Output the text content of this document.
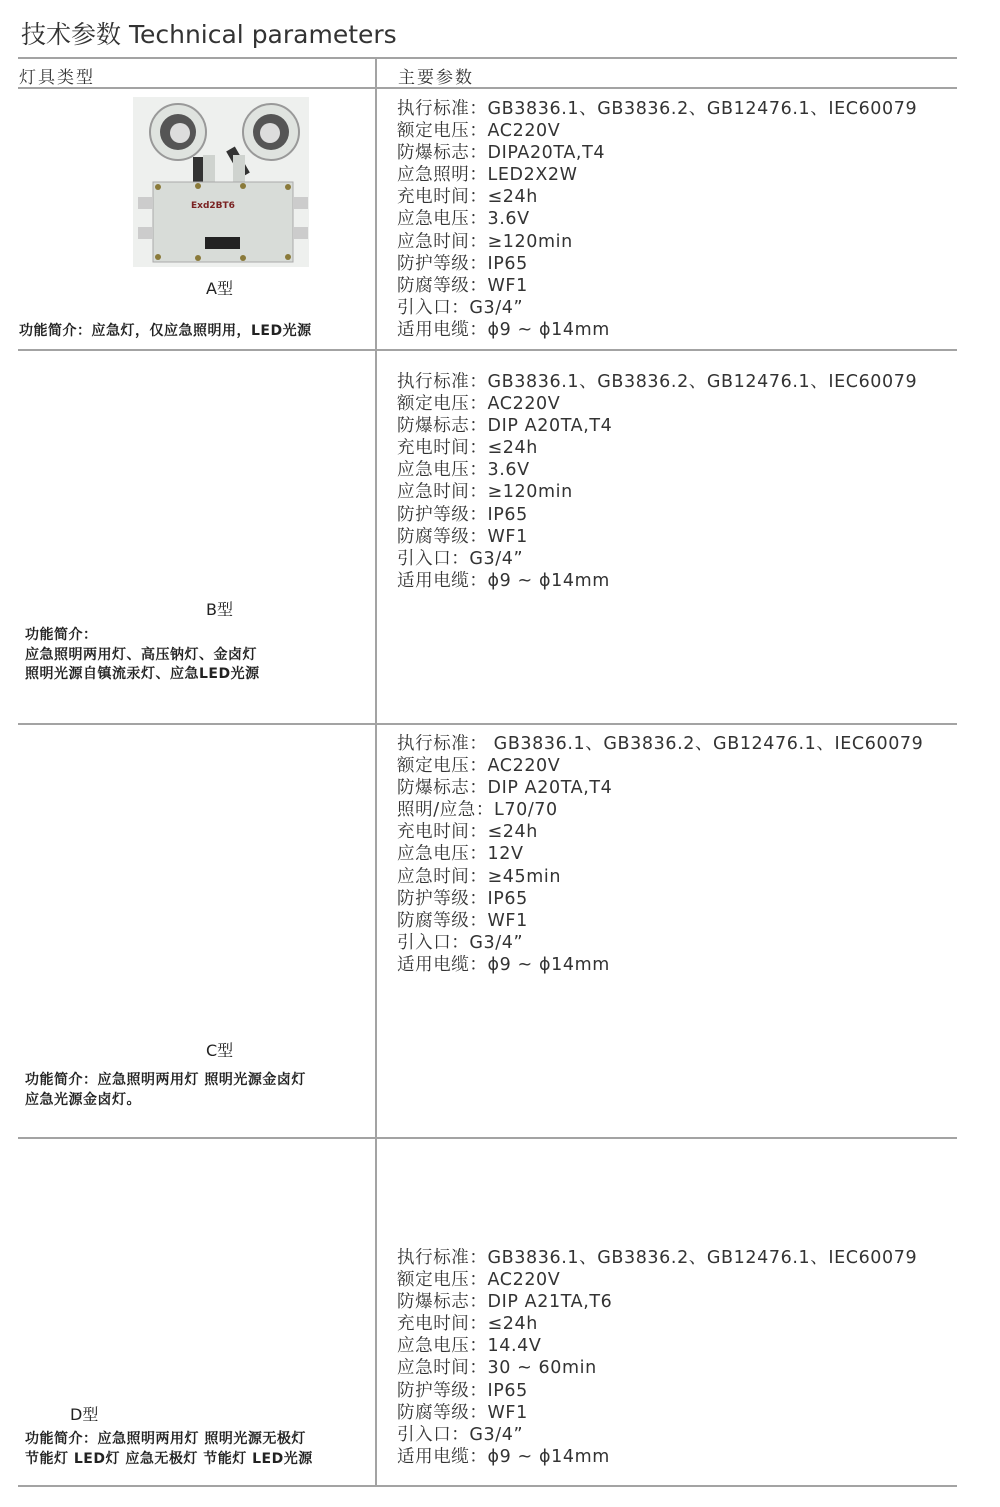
技术参数 Technical parameters
灯具类型	主要参数
Exd2BT6
执行标准：GB3836.1、GB3836.2、GB12476.1、IEC60079
额定电压：AC220V
防爆标志：DIPA20TA,T4
应急照明：LED2X2W
充电时间：≤24h
应急电压：3.6V
应急时间：≥120min
防护等级：IP65
防腐等级：WF1
引入口：G3/4”
适用电缆：ϕ9 ~ ϕ14mm
A型
功能简介：应急灯，仅应急照明用，LED光源
执行标准：GB3836.1、GB3836.2、GB12476.1、IEC60079
额定电压：AC220V
防爆标志：DIP A20TA,T4
充电时间：≤24h
应急电压：3.6V
应急时间：≥120min
防护等级：IP65
防腐等级：WF1
引入口：G3/4”
适用电缆：ϕ9 ~ ϕ14mm
B型
功能简介：
应急照明两用灯、高压钠灯、金卤灯
照明光源自镇流汞灯、应急LED光源
执行标准： GB3836.1、GB3836.2、GB12476.1、IEC60079
额定电压：AC220V
防爆标志：DIP A20TA,T4
照明/应急：L70/70
充电时间：≤24h
应急电压：12V
应急时间：≥45min
防护等级：IP65
防腐等级：WF1
引入口：G3/4”
适用电缆：ϕ9 ~ ϕ14mm
C型
功能简介：应急照明两用灯 照明光源金卤灯
应急光源金卤灯。
执行标准：GB3836.1、GB3836.2、GB12476.1、IEC60079
额定电压：AC220V
防爆标志：DIP A21TA,T6
充电时间：≤24h
应急电压：14.4V
应急时间：30 ~ 60min
防护等级：IP65
防腐等级：WF1
引入口：G3/4”
适用电缆：ϕ9 ~ ϕ14mm
D型
功能简介：应急照明两用灯 照明光源无极灯
节能灯 LED灯 应急无极灯 节能灯 LED光源
